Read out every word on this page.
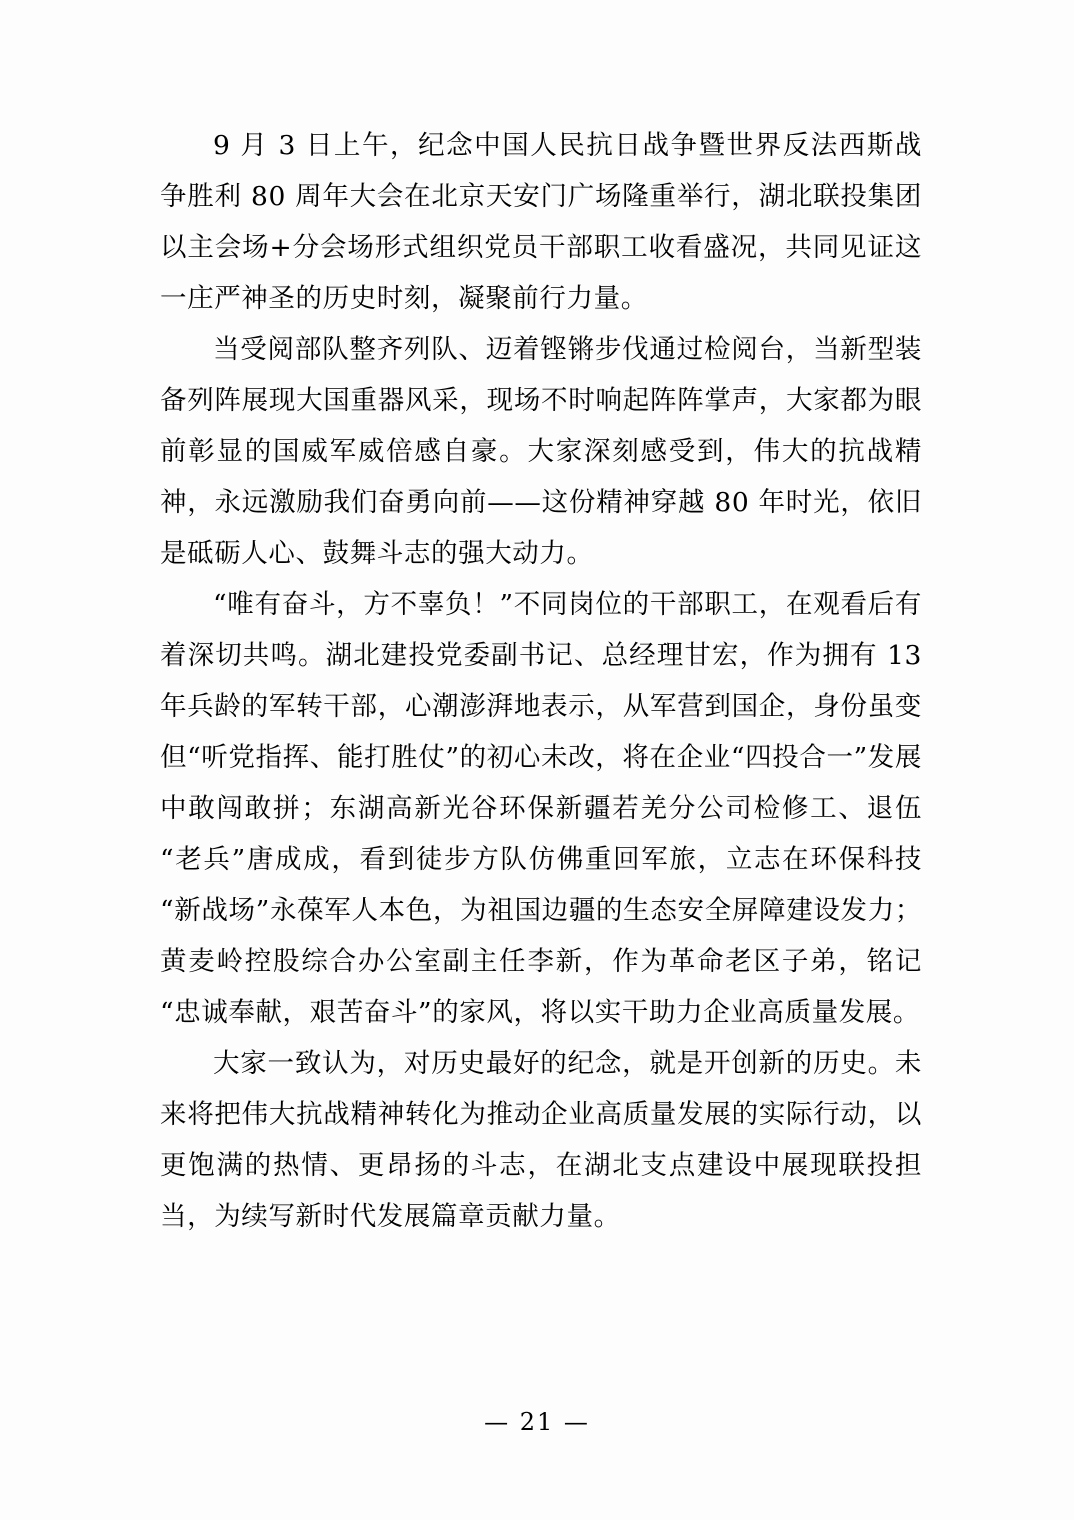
9 月 3 日上午，纪念中国人民抗日战争暨世界反法西斯战争胜利 80 周年大会在北京天安门广场隆重举行，湖北联投集团以主会场+分会场形式组织党员干部职工收看盛况，共同见证这一庄严神圣的历史时刻，凝聚前行力量。

当受阅部队整齐列队、迈着铿锵步伐通过检阅台，当新型装备列阵展现大国重器风采，现场不时响起阵阵掌声，大家都为眼前彰显的国威军威倍感自豪。大家深刻感受到，伟大的抗战精神，永远激励我们奋勇向前——这份精神穿越 80 年时光，依旧是砥砺人心、鼓舞斗志的强大动力。

“唯有奋斗，方不辜负！”不同岗位的干部职工，在观看后有着深切共鸣。湖北建投党委副书记、总经理甘宏，作为拥有 13 年兵龄的军转干部，心潮澎湃地表示，从军营到国企，身份虽变但“听党指挥、能打胜仗”的初心未改，将在企业“四投合一”发展中敢闯敢拼；东湖高新光谷环保新疆若羌分公司检修工、退伍“老兵”唐成成，看到徒步方队仿佛重回军旅，立志在环保科技“新战场”永葆军人本色，为祖国边疆的生态安全屏障建设发力；黄麦岭控股综合办公室副主任李新，作为革命老区子弟，铭记“忠诚奉献，艰苦奋斗”的家风，将以实干助力企业高质量发展。

大家一致认为，对历史最好的纪念，就是开创新的历史。未来将把伟大抗战精神转化为推动企业高质量发展的实际行动，以更饱满的热情、更昂扬的斗志，在湖北支点建设中展现联投担当，为续写新时代发展篇章贡献力量。

— 21 —
